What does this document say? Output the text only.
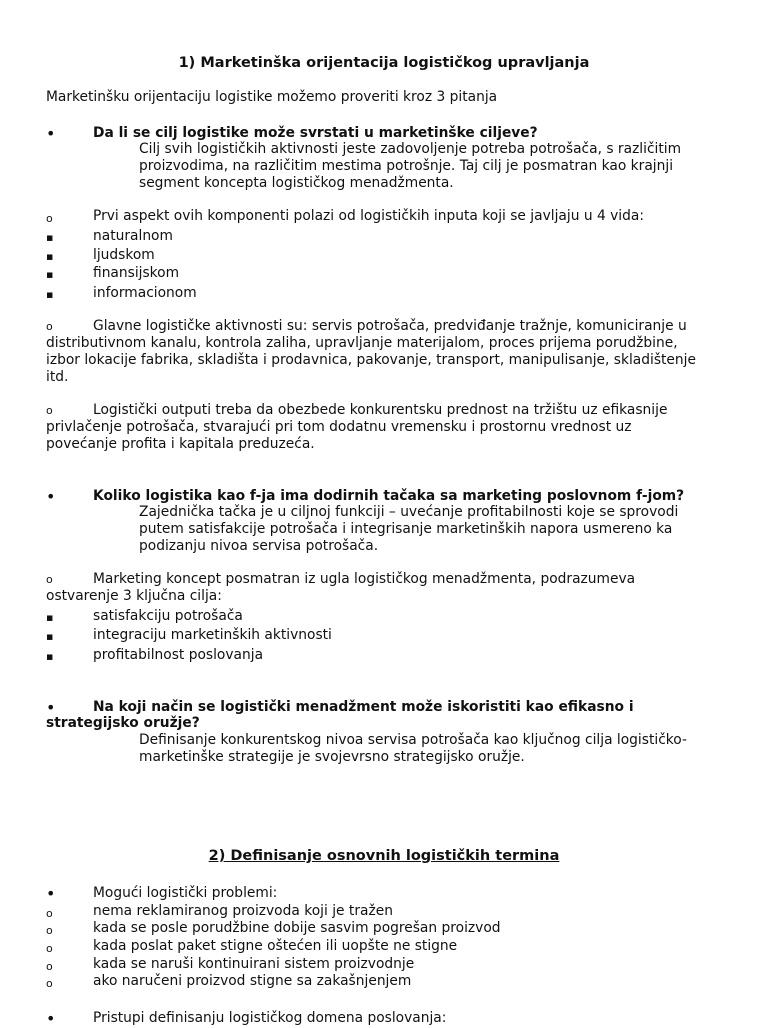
1) Marketinška orijentacija logističkog upravljanja
Marketinšku orijentaciju logistike možemo proveriti kroz 3 pitanja
•	Da li se cilj logistike može svrstati u marketinške ciljeve?
Cilj svih logističkih aktivnosti jeste zadovoljenje potreba potrošača, s različitim
proizvodima, na različitim mestima potrošnje. Taj cilj je posmatran kao krajnji
segment koncepta logističkog menadžmenta.
o	Prvi aspekt ovih komponenti polazi od logističkih inputa koji se javljaju u 4 vida:
▪	naturalnom
▪	ljudskom
▪	finansijskom
▪	informacionom
o	Glavne logističke aktivnosti su: servis potrošača, predviđanje tražnje, komuniciranje u
distributivnom kanalu, kontrola zaliha, upravljanje materijalom, proces prijema porudžbine,
izbor lokacije fabrika, skladišta i prodavnica, pakovanje, transport, manipulisanje, skladištenje
itd.
o	Logistički outputi treba da obezbede konkurentsku prednost na tržištu uz efikasnije
privlačenje potrošača, stvarajući pri tom dodatnu vremensku i prostornu vrednost uz
povećanje profita i kapitala preduzeća.
•	Koliko logistika kao f-ja ima dodirnih tačaka sa marketing poslovnom f-jom?
Zajednička tačka je u ciljnoj funkciji – uvećanje profitabilnosti koje se sprovodi
putem satisfakcije potrošača i integrisanje marketinških napora usmereno ka
podizanju nivoa servisa potrošača.
o	Marketing koncept posmatran iz ugla logističkog menadžmenta, podrazumeva
ostvarenje 3 ključna cilja:
▪	satisfakciju potrošača
▪	integraciju marketinških aktivnosti
▪	profitabilnost poslovanja
•	Na koji način se logistički menadžment može iskoristiti kao efikasno i
strategijsko oružje?
Definisanje konkurentskog nivoa servisa potrošača kao ključnog cilja logističko-
marketinške strategije je svojevrsno strategijsko oružje.
2) Definisanje osnovnih logističkih termina
•	Mogući logistički problemi:
o	nema reklamiranog proizvoda koji je tražen
o	kada se posle porudžbine dobije sasvim pogrešan proizvod
o	kada poslat paket stigne oštećen ili uopšte ne stigne
o	kada se naruši kontinuirani sistem proizvodnje
o	ako naručeni proizvod stigne sa zakašnjenjem
•	Pristupi definisanju logističkog domena poslovanja:
